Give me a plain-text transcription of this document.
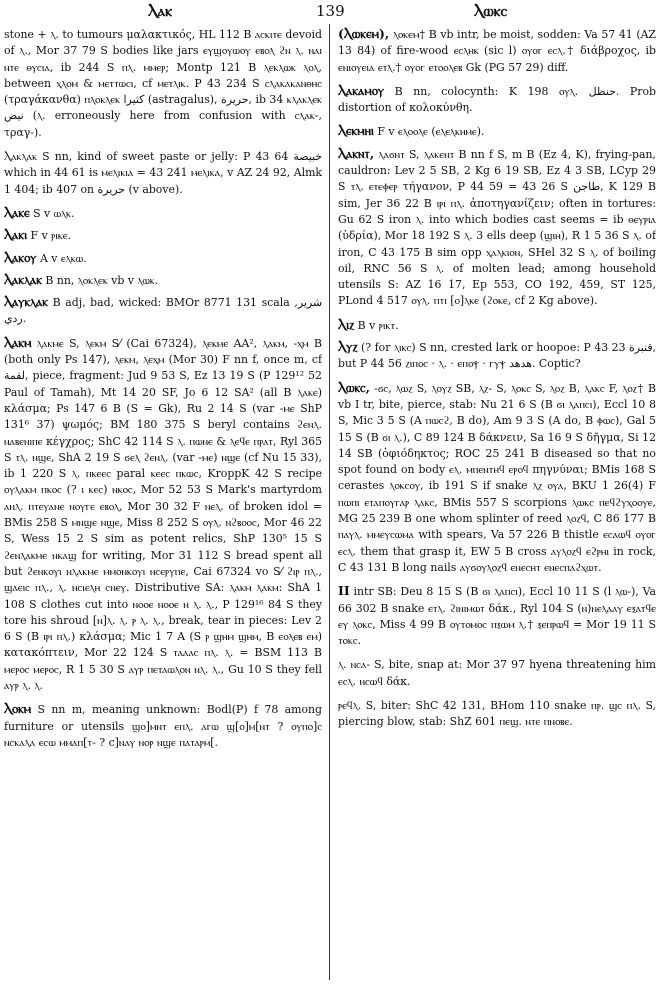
Ⲗⲁⲕ	139	Ⲗⲱⲕⲥ

stone + ⲗ. to tumours μαλακτικός, HL 112 B ⲁⲥⲕⲓⲧⲉ devoid of ⲗ., Mor 37 79 S bodies like jars ⲉⲩϣⲟⲩⲱⲟⲩ ⲉⲃⲟⲗ ϩⲛ ⲗ. ⲛⲁⲓ ⲛⲧⲉ ⲑⲩⲥⲓⲁ, ib 244 S ⲡⲗ. ⲙⲙⲉⲣ; Montp 121 B ⲗⲉⲕⲗⲱⲕ ⲗⲟⲗ, between ⲭⲗⲟⲙ & ⲙⲉⲧⲧⲱⲥⲓ, cf ⲙⲉⲧⲗⲓⲕ. P 43 234 S ⲥⲗⲁⲕⲁⲕⲁⲛⲑⲏⲥ (τραγάκανθα) ⲡⲗⲟⲕⲗⲉⲕ كثيرا (astragalus), حريرة, ib 34 ⲕⲗⲁⲕⲗⲉⲕ نيض (ⲗ. erroneously here from confusion with ⲥⲗⲁⲕ-, τραγ-).

Ⲗⲁⲕⲗⲁⲕ S nn, kind of sweet paste or jelly: P 43 64 خبيصة which in 44 61 is ⲙⲉⲗⲓⲕⲓⲁ = 43 241 ⲙⲉⲗⲓⲕⲁ, v AZ 24 92, Almk 1 404; ib 407 on حريرة (v above).

Ⲗⲁⲕⲉ S v ⲱⲗⲕ.

Ⲗⲁⲕⲓ F v ⲣⲓⲕⲉ.

Ⲗⲁⲕⲟⲩ A v ⲉⲗⲕⲱ.

Ⲗⲁⲕⲗⲁⲕ B nn, ⲗⲟⲕⲗⲉⲕ vb v ⲗⲱⲕ.

Ⲗⲁⲩⲕⲗⲁⲕ B adj, bad, wicked: BMOr 8771 131 scala شرير, ردي.

Ⲗⲁⲕⲙ ⲗⲁⲕⲙⲉ S, ⲗⲉⲕⲙ S⁄ (Cai 67324), ⲗⲉⲕⲙⲉ AA², ⲗⲁⲕⲙ, -ⲭⲙ B (both only Ps 147), ⲗⲉⲕⲙ, ⲗⲉⲭⲙ (Mor 30) F nn f, once m, cf لقمة, piece, fragment: Jud 9 53 S, Ez 13 19 S (P 129¹² 52 Paul of Tamah), Mt 14 20 SF, Jo 6 12 SA² (all B ⲗⲁⲕⲉ) κλάσμα; Ps 147 6 B (S = Gk), Ru 2 14 S (var -ⲙⲉ ShP 131⁶ 37) ψωμός; BM 180 375 S beryl contains ϩⲉⲛⲗ. ⲛⲁⲃⲉⲛⲓⲡⲉ κέγχρος; ShC 42 114 S ⲗ. ⲡⲱⲛⲉ & ⲗⲉϥⲉ ⲡⲣⲁⲧ, Ryl 365 S ⲧⲗ. ⲛϣⲉ, ShA 2 19 S ϭⲉⲗ ϩⲉⲛⲗ. (var -ⲙⲉ) ⲛϣⲉ (cf Nu 15 33), ib 1 220 S ⲗ. ⲡⲕⲉⲉⲥ paral ⲕⲉⲉⲥ ⲡⲕⲱⲥ, KroppK 42 S recipe ⲟⲩⲗⲁⲕⲙ ⲡⲕⲟⲥ (? ⲓ ⲕⲉⲥ) ⲛⲕⲟⲥ, Mor 52 53 S Mark's martyrdom ⲁⲛⲗ. ⲡⲧⲉⲩⲁⲛⲉ ⲛⲟⲩⲅⲉ ⲉⲃⲟⲗ, Mor 30 32 F ⲛⲉⲗ. of broken idol = BMis 258 S ⲙⲛϣⲉ ⲛϣⲉ, Miss 8 252 S ⲟⲩⲗ. ⲛϩⲃⲟⲟⲥ, Mor 46 22 S, Wess 15 2 S sim as potent relics, ShP 130⁵ 15 S ϩⲉⲛⲗⲁⲕⲙⲉ ⲛⲕⲁϣ for writing, Mor 31 112 S bread spent all but ϩⲉⲛⲕⲟⲩⲓ ⲛⲗⲁⲕⲙⲉ ⲙⲙⲟⲛⲕⲟⲩⲓ ⲛⲥⲉⲣⲩⲡⲉ, Cai 67324 vo S⁄ ϩⲓⲣ ⲡⲗ., ϣⲁⲉⲓⲥ ⲡⲗ., ⲗ. ⲛⲥⲓⲉⲗⲏ ⲥⲛⲉⲩ. Distributive SA: ⲗⲁⲕⲙ ⲗⲁⲕⲙ: ShA 1 108 S clothes cut into ⲛⲟⲟⲉ ⲛⲟⲟⲉ ⲛ ⲗ. ⲗ., P 129¹⁶ 84 S they tore his shroud [ⲛ]ⲗ. ⲗ. ⲣ ⲗ. ⲗ., break, tear in pieces: Lev 2 6 S (B ⲓⲣⲓ ⲡⲗ.) κλάσμα; Mic 1 7 A (S ⲣ ϣⲏⲙ ϣⲏⲙ, B ⲉⲟⲗⲉⲃ ⲉⲙ) κατακόπτειν, Mor 22 124 S ⲧⲁⲁⲁⲥ ⲡⲗ. ⲗ. = BSM 113 B ⲙⲉⲣⲟⲥ ⲙⲉⲣⲟⲥ, R 1 5 30 S ⲁⲩⲣ ⲡⲉⲧⲁⲱⲗⲟⲛ ⲛⲗ. ⲗ., Gu 10 S they fell ⲁⲩⲣ ⲗ. ⲗ.

Ⲗⲟⲕⲙ S nn m, meaning unknown: Bodl(P) f 78 among furniture or utensils ϣⲟ]ⲙⲛⲧ ⲉⲡⲗ. ⲁⲅⲱ ϣ[ⲟ]ⲙ[ⲛⲧ ? ⲟⲩⲡⲟ]ⲥ ⲛⲥⲕⲁⲗⲁ ⲉⲥⲱ ⲙⲙⲁⲡ[ⲧ- ? ϲ]ⲛⲁⲩ ⲛⲟⲣ ⲛϣⲉ ⲡⲁⲧⲁⲣⲙ[.

(Ⲗⲱⲕⲉⲙ), ⲗⲟⲕⲉⲙ† B vb intr, be moist, sodden: Va 57 41 (AZ 13 84) of fire-wood ⲉⲥⲗⲏⲕ (sic l) ⲟⲩⲟⲅ ⲉⲥⲗ.† διάβροχος, ib ⲉⲛⲓⲟⲩⲉⲓⲁ ⲉⲧⲗ.† ⲟⲩⲟⲅ ⲉⲧⲟⲟⲗⲉⲃ Gk (PG 57 29) diff.

Ⲗⲁⲕⲁⲙⲟⲩ B nn, colocynth: K 198 ⲟⲩⲗ. حنظل. Prob distortion of κολοκύνθη.

Ⲗⲉⲕⲙⲏⲓ F v ⲉⲗⲟⲟⲗⲉ (ⲉⲗⲉⲗⲕⲏⲙⲉ).

Ⲗⲁⲕⲛⲧ, ⲗⲁϭⲛⲧ S, ⲗⲁⲕⲉⲛⲧ B nn f S, m B (Ez 4, K), frying-pan, cauldron: Lev 2 5 SB, 2 Kg 6 19 SB, Ez 4 3 SB, LCyp 29 S ⲧⲗ. ⲉⲧⲉⲫⲉⲣ τήγανον, P 44 59 = 43 26 S طاجن, K 129 B sim, Jer 36 22 B ⲓⲣⲓ ⲡⲗ. ἀποτηγανίζειν; often in tortures: Gu 62 S iron ⲗ. into which bodies cast seems = ib ⲑⲉⲩⲣⲓⲁ (ὑδρία), Mor 18 192 S ⲗ. 3 ells deep (ϣⲓⲏ), R 1 5 36 S ⲗ. of iron, C 43 175 B sim opp ⲭⲁⲗⲕⲓⲟⲛ, SHel 32 S ⲗ. of boiling oil, RNC 56 S ⲗ. of molten lead; among household utensils S: AZ 16 17, Ep 553, CO 192, 459, ST 125, PLond 4 517 ⲟⲩⲗ. ⲡⲧⲓ [ⲟ]ⲗⲕⲉ (ϩⲟⲕⲉ, cf 2 Kg above).

Ⲗⲓⲍ B v ⲣⲓⲕⲧ.

Ⲗⲩⲍ (? for ⲗⲓⲕⲥ) S nn, crested lark or hoopoe: P 43 23 قنبرة, but P 44 56 ⲍⲓⲡⲟⲥ · ⲗ. · ⲉⲡⲟⲯ · ⲅⲩⲯ هدهد. Coptic?

Ⲗⲱⲕⲥ, -ϭⲥ, ⲗⲱⲍ S, ⲗⲟⲩⲍ SB, ⲗⲍ- S, ⲗⲟⲕⲥ S, ⲗⲟⲍ B, ⲗⲁⲕⲥ F, ⲗⲟⲍ† B vb I tr, bite, pierce, stab: Nu 21 6 S (B ϭⲓ ⲗⲁⲡⲥⲓ), Eccl 10 8 S, Mic 3 5 S (A ⲡⲱⲥϩ, B do), Am 9 3 S (A do, B ⲫⲱⲥ), Gal 5 15 S (B ϭⲓ ⲗ.), C 89 124 B δάκνειν, Sa 16 9 S δῆγμα, Si 12 14 SB (ὀφιόδηκτος; ROC 25 241 B diseased so that no spot found on body ⲉⲗ. ⲙⲡⲉⲛⲧⲏϥ ⲉⲣⲟϥ πηγνύναι; BMis 168 S cerastes ⲗⲟⲕⲥⲟⲩ, ib 191 S if snake ⲗⲍ ⲟⲩⲁ, BKU 1 26(4) F ⲡⲱⲡⲓ ⲉⲧⲁⲡⲟⲩⲅⲁⲣ ⲗⲁⲕⲥ, BMis 557 S scorpions ⲗⲱⲕⲥ ⲡⲉϥϩⲩⲭⲟⲟⲩⲉ, MG 25 239 B one whom splinter of reed ⲗⲟⲍϥ, C 86 177 B ⲡⲁⲩⲗ. ⲙⲙⲉⲩⲥⲱⲙⲁ with spears, Va 57 226 B thistle ⲉⲥⲁⲱϥ ⲟⲩⲟⲅ ⲉⲥⲗ. them that grasp it, EW 5 B cross ⲁⲩⲗⲟⲍϥ ⲉϩⲣⲏⲓ in rock, C 43 131 B long nails ⲁⲩϭⲟⲩⲗⲟⲍϥ ⲉⲛⲉⲥⲏⲧ ⲉⲛⲉⲥⲡⲁϩⲭⲱⲧ.

II intr SB: Deu 8 15 S (B ϭⲓ ⲗⲁⲡⲥⲓ), Eccl 10 11 S (l ⲗⲱ-), Va 66 302 B snake ⲉⲧⲗ. ϩⲓⲛⲓⲙⲱⲧ δάκ., Ryl 104 S (ⲛ)ⲛⲉⲗⲁⲁⲩ ⲉⲝⲁⲧϥⲉ ⲉⲩ ⲗⲟⲕⲥ, Miss 4 99 B ⲟⲩⲧⲟⲙⲟⲥ ⲡⲝⲱⲙ ⲗ.† ⲝⲉⲡⲣⲱϥ = Mor 19 11 S ⲧⲟⲕⲥ.

ⲗ. ⲛⲥⲁ- S, bite, snap at: Mor 37 97 hyena threatening him ⲉⲥⲗ. ⲛⲥⲱϥ δάκ.

ⲣⲉϥⲗ. S, biter: ShC 42 131, BHom 110 snake ⲡⲣ. ϣⲥ ⲡⲗ. S, piercing blow, stab: ShZ 601 ⲡⲉϣ. ⲛⲧⲉ ⲡⲛⲟⲃⲉ.
